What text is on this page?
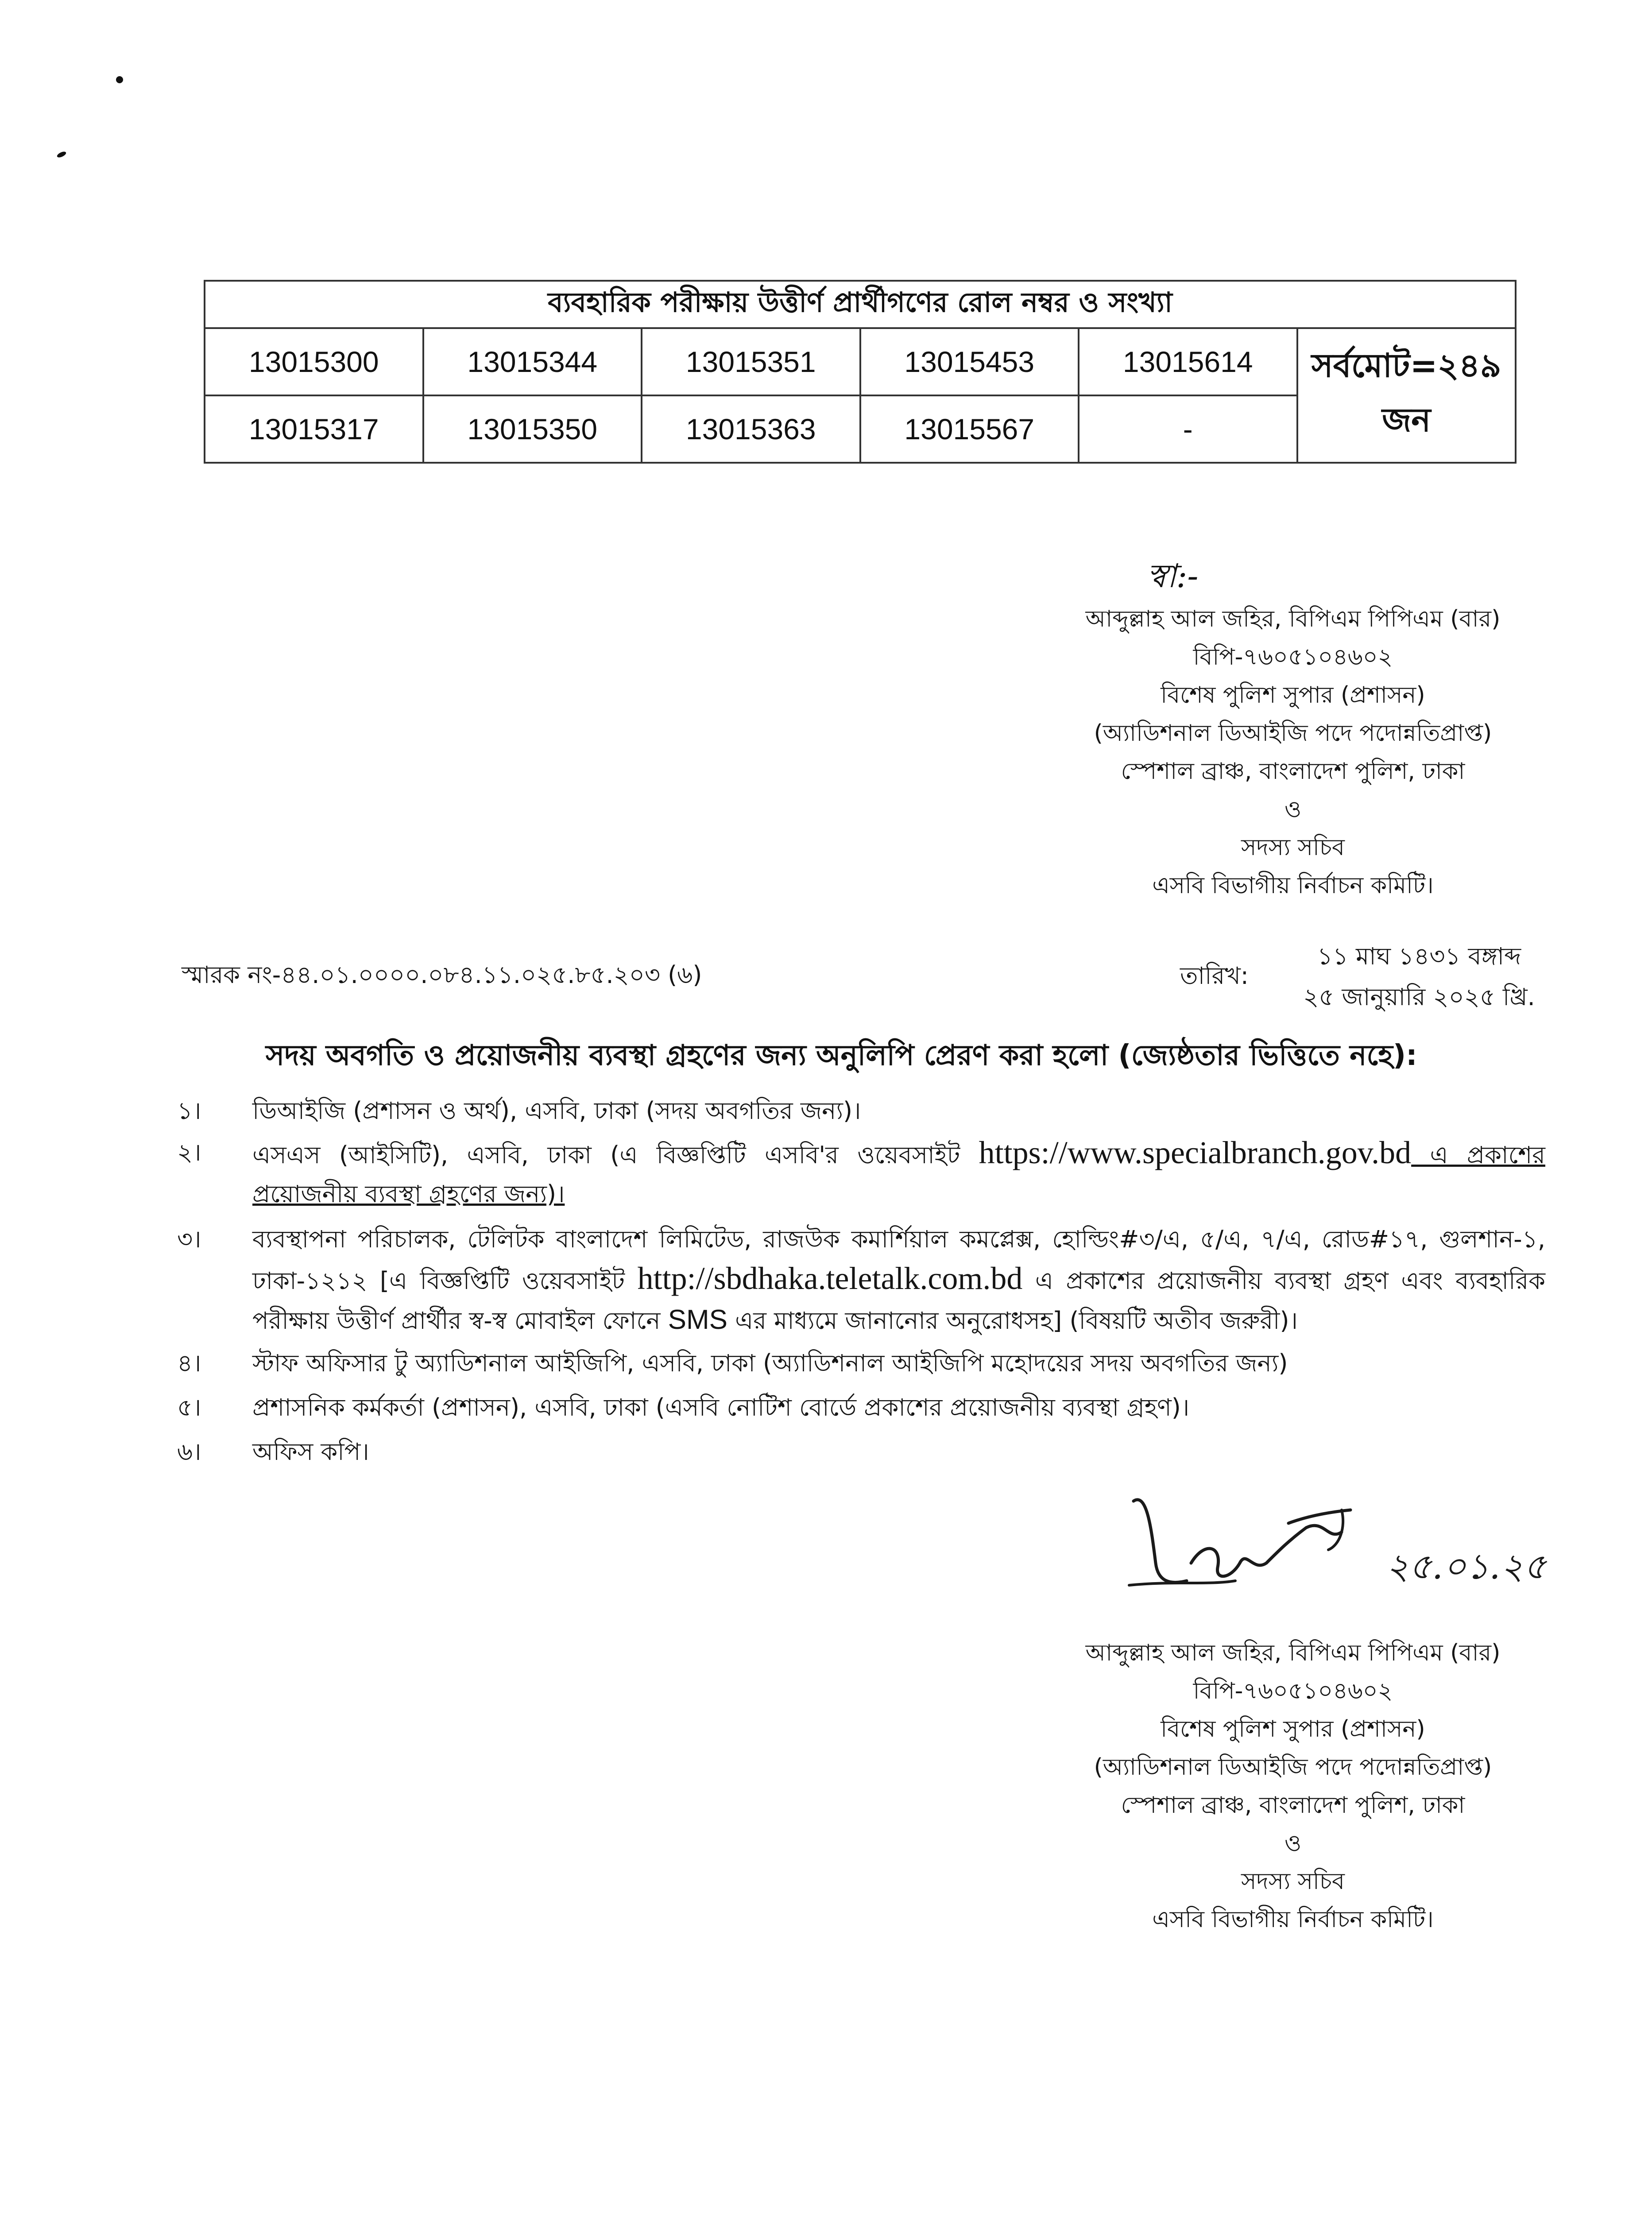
ব্যবহারিক পরীক্ষায় উত্তীর্ণ প্রার্থীগণের রোল নম্বর ও সংখ্যা					
13015300	13015344	13015351	13015453	13015614	সর্বমোট=২৪৯ জন
13015317	13015350	13015363	13015567	-	
স্বা:-
আব্দুল্লাহ আল জহির, বিপিএম পিপিএম (বার)
বিপি-৭৬০৫১০৪৬০২
বিশেষ পুলিশ সুপার (প্রশাসন)
(অ্যাডিশনাল ডিআইজি পদে পদোন্নতিপ্রাপ্ত)
স্পেশাল ব্রাঞ্চ, বাংলাদেশ পুলিশ, ঢাকা
ও
সদস্য সচিব
এসবি বিভাগীয় নির্বাচন কমিটি।
স্মারক নং-৪৪.০১.০০০০.০৮৪.১১.০২৫.৮৫.২০৩ (৬)	তারিখ:
১১ মাঘ ১৪৩১ বঙ্গাব্দ
২৫ জানুয়ারি ২০২৫ খ্রি.
সদয় অবগতি ও প্রয়োজনীয় ব্যবস্থা গ্রহণের জন্য অনুলিপি প্রেরণ করা হলো (জ্যেষ্ঠতার ভিত্তিতে নহে):
১।	ডিআইজি (প্রশাসন ও অর্থ), এসবি, ঢাকা (সদয় অবগতির জন্য)।
২।	এসএস (আইসিটি), এসবি, ঢাকা (এ বিজ্ঞপ্তিটি এসবি'র ওয়েবসাইট https://www.specialbranch.gov.bd এ প্রকাশের প্রয়োজনীয় ব্যবস্থা গ্রহণের জন্য)।
৩।	ব্যবস্থাপনা পরিচালক, টেলিটক বাংলাদেশ লিমিটেড, রাজউক কমার্শিয়াল কমপ্লেক্স, হোল্ডিং#৩/এ, ৫/এ, ৭/এ, রোড#১৭, গুলশান-১, ঢাকা-১২১২ [এ বিজ্ঞপ্তিটি ওয়েবসাইট http://sbdhaka.teletalk.com.bd এ প্রকাশের প্রয়োজনীয় ব্যবস্থা গ্রহণ এবং ব্যবহারিক পরীক্ষায় উত্তীর্ণ প্রার্থীর স্ব-স্ব মোবাইল ফোনে SMS এর মাধ্যমে জানানোর অনুরোধসহ] (বিষয়টি অতীব জরুরী)।
৪।	স্টাফ অফিসার টু অ্যাডিশনাল আইজিপি, এসবি, ঢাকা (অ্যাডিশনাল আইজিপি মহোদয়ের সদয় অবগতির জন্য)
৫।	প্রশাসনিক কর্মকর্তা (প্রশাসন), এসবি, ঢাকা (এসবি নোটিশ বোর্ডে প্রকাশের প্রয়োজনীয় ব্যবস্থা গ্রহণ)।
৬।	অফিস কপি।
২৫.০১.২৫
আব্দুল্লাহ আল জহির, বিপিএম পিপিএম (বার)
বিপি-৭৬০৫১০৪৬০২
বিশেষ পুলিশ সুপার (প্রশাসন)
(অ্যাডিশনাল ডিআইজি পদে পদোন্নতিপ্রাপ্ত)
স্পেশাল ব্রাঞ্চ, বাংলাদেশ পুলিশ, ঢাকা
ও
সদস্য সচিব
এসবি বিভাগীয় নির্বাচন কমিটি।
